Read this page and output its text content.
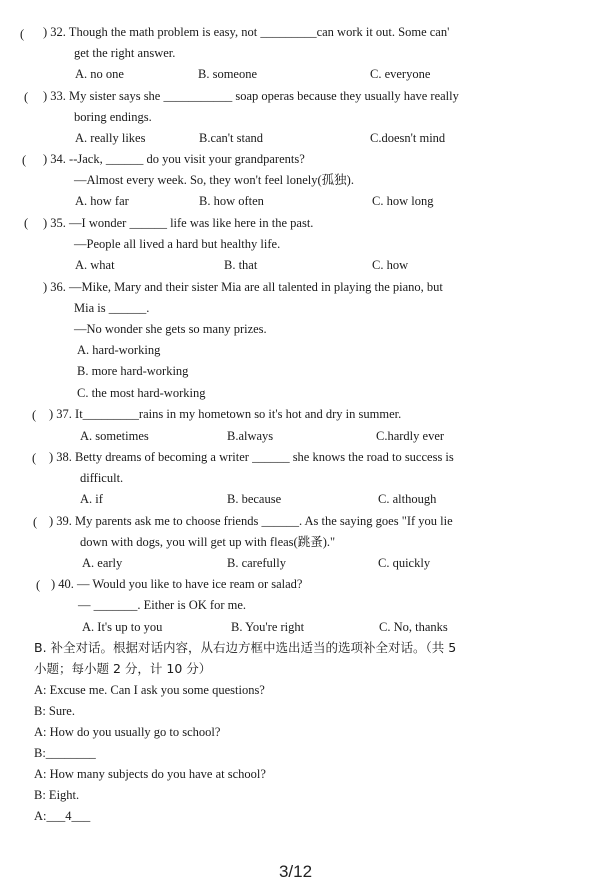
( ) 32. Though the math problem is easy, not _________can work it out. Some can'
get the right answer.
A. no one	B. someone	C. everyone
( ) 33. My sister says she ___________ soap operas because they usually have really
boring endings.
A. really likes	B.can't stand	C.doesn't mind
( ) 34. --Jack, ______ do you visit your grandparents?
—Almost every week. So, they won't feel lonely(孤独).
A. how far	B. how often	C. how long
( ) 35. —I wonder ______ life was like here in the past.
—People all lived a hard but healthy life.
A. what	B. that	C. how
) 36. —Mike, Mary and their sister Mia are all talented in playing the piano, but
Mia is ______.
—No wonder she gets so many prizes.
A. hard-working
B. more hard-working
C. the most hard-working
( ) 37. It_________rains in my hometown so it's hot and dry in summer.
A. sometimes	B.always	C.hardly ever
( ) 38. Betty dreams of becoming a writer ______ she knows the road to success is
difficult.
A. if	B. because	C. although
( ) 39. My parents ask me to choose friends ______. As the saying goes "If you lie
down with dogs, you will get up with fleas(跳蚤)."
A. early	B. carefully	C. quickly
( ) 40. — Would you like to have ice ream or salad?
— _______. Either is OK for me.
A. It's up to you	B. You're right	C. No, thanks
B. 补全对话。根据对话内容，从右边方框中选出适当的选项补全对话。（共 5
小题；每小题 2 分，计 10 分）
A: Excuse me. Can I ask you some questions?
B: Sure.
A: How do you usually go to school?
B:________
A: How many subjects do you have at school?
B: Eight.
A:___4___
3/12
